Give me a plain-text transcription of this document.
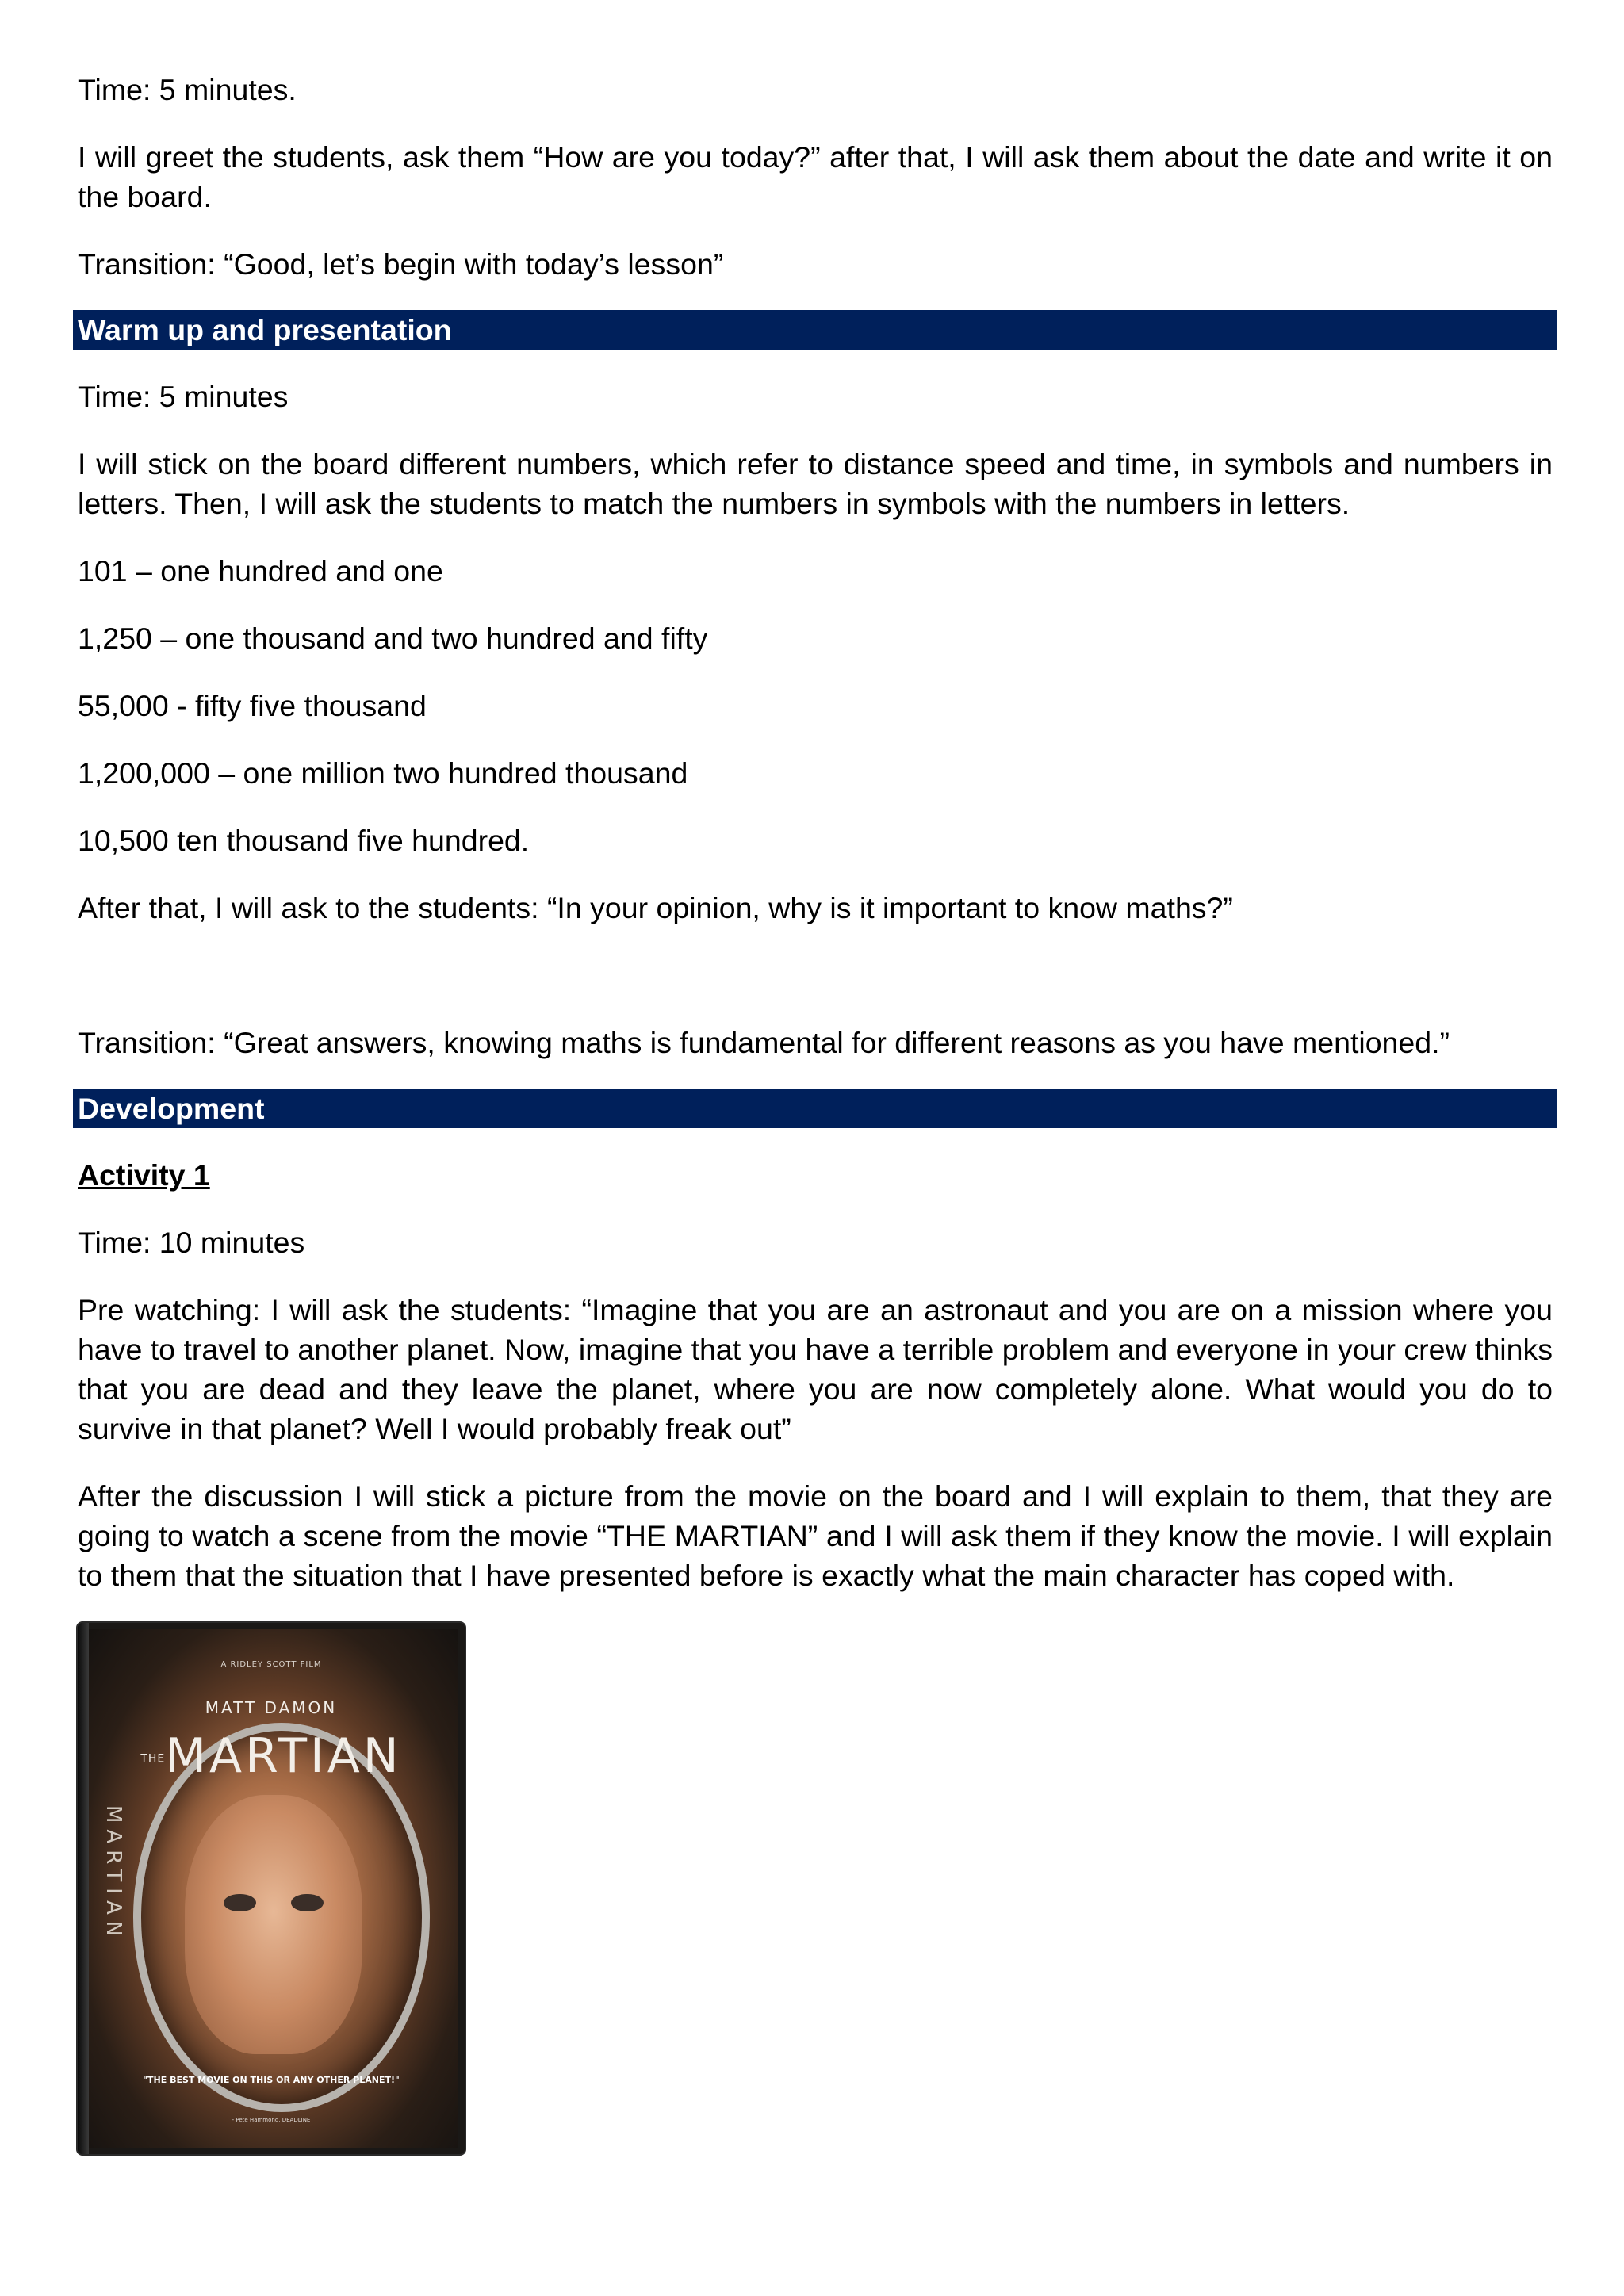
Time: 5 minutes.

I will greet the students, ask them “How are you today?” after that, I will ask them about the date and write it on the board.

Transition: “Good, let’s begin with today’s lesson”

Warm up and presentation

Time: 5 minutes

I will stick on the board different numbers, which refer to distance speed and time, in symbols and numbers in letters. Then, I will ask the students to match the numbers in symbols with the numbers in letters.

101 – one hundred and one

1,250 – one thousand and two hundred and fifty

55,000 - fifty five thousand

1,200,000 – one million two hundred thousand

10,500 ten thousand five hundred.

After that, I will ask to the students: “In your opinion, why is it important to know maths?”

Transition: “Great answers, knowing maths is fundamental for different reasons as you have mentioned.”

Development

Activity 1

Time: 10 minutes

Pre watching: I will ask the students: “Imagine that you are an astronaut and you are on a mission where you have to travel to another planet. Now, imagine that you have a terrible problem and everyone in your crew thinks that you are dead and they leave the planet, where you are now completely alone. What would you do to survive in that planet? Well I would probably freak out”

After the discussion I will stick a picture from the movie on the board and I will explain to them, that they are going to watch a scene from the movie “THE MARTIAN” and I will ask them if they know the movie. I will explain to them that the situation that I have presented before is exactly what the main character has coped with.

A RIDLEY SCOTT FILM
MATT DAMON
THEMARTIAN
MARTIAN
"THE BEST MOVIE ON THIS OR ANY OTHER PLANET!"
- Pete Hammond, DEADLINE
